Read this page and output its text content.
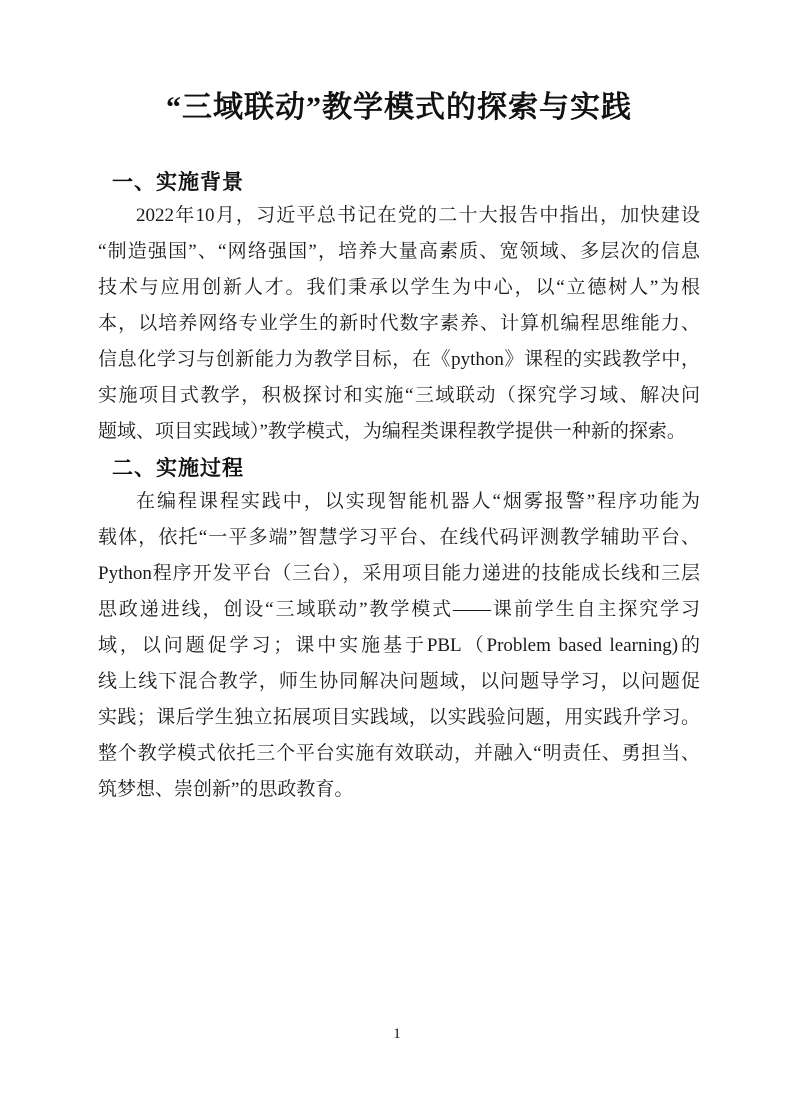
“三域联动”教学模式的探索与实践
一、实施背景
2022年10月，习近平总书记在党的二十大报告中指出，加快建设
“制造强国”、“网络强国”，培养大量高素质、宽领域、多层次的信息
技术与应用创新人才。我们秉承以学生为中心，以“立德树人”为根
本，以培养网络专业学生的新时代数字素养、计算机编程思维能力、
信息化学习与创新能力为教学目标，在《python》课程的实践教学中，
实施项目式教学，积极探讨和实施“三域联动（探究学习域、解决问
题域、项目实践域）”教学模式，为编程类课程教学提供一种新的探索。
二、实施过程
在编程课程实践中，以实现智能机器人“烟雾报警”程序功能为
载体，依托“一平多端”智慧学习平台、在线代码评测教学辅助平台、
Python程序开发平台（三台），采用项目能力递进的技能成长线和三层
思政递进线，创设“三域联动”教学模式——课前学生自主探究学习
域，以问题促学习；课中实施基于PBL（Problem based learning)的
线上线下混合教学，师生协同解决问题域，以问题导学习，以问题促
实践；课后学生独立拓展项目实践域，以实践验问题，用实践升学习。
整个教学模式依托三个平台实施有效联动，并融入“明责任、勇担当、
筑梦想、崇创新”的思政教育。
1
